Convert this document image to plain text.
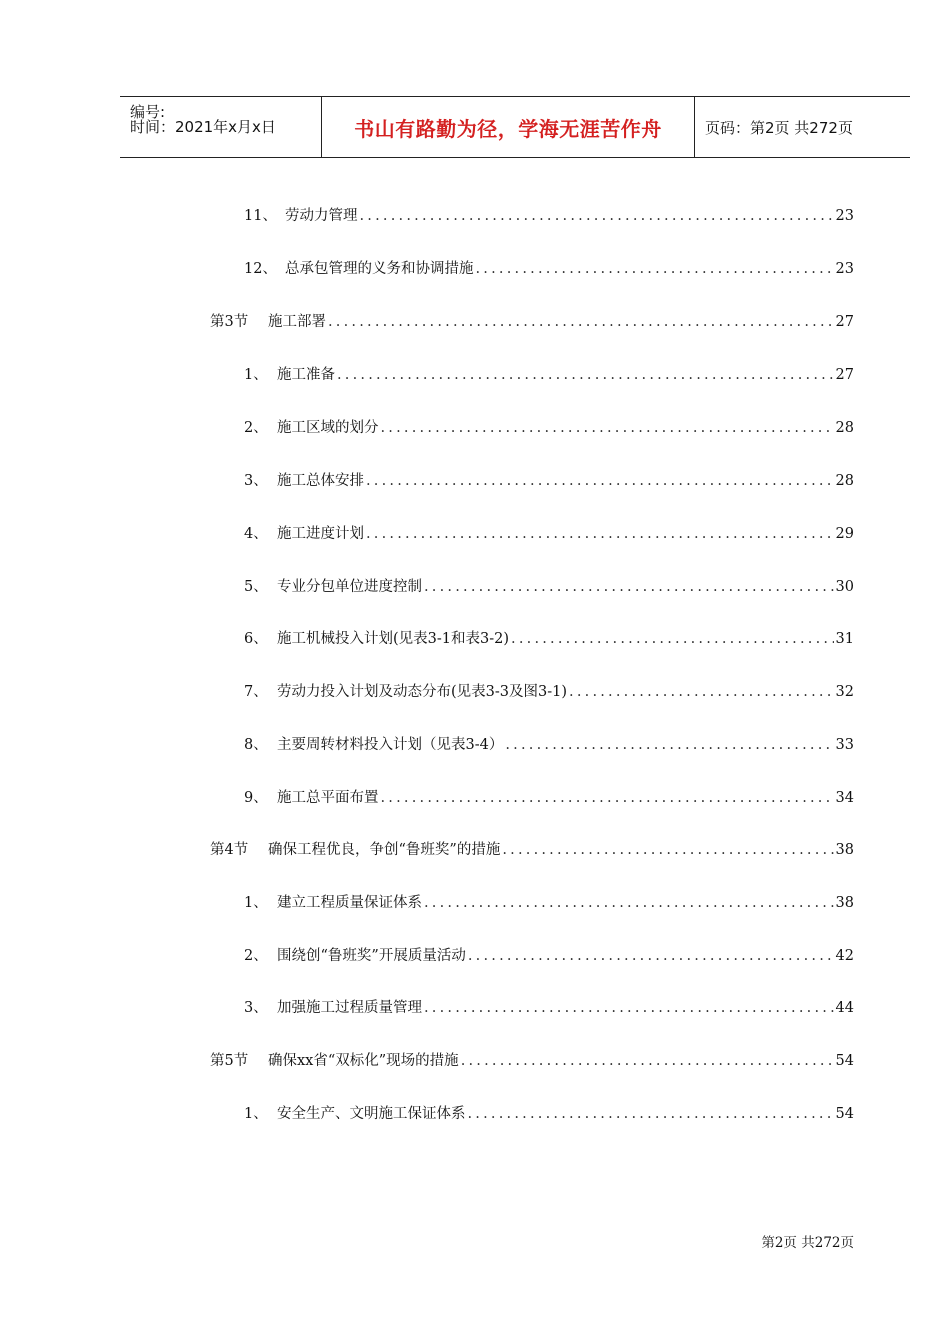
编号:
时间：2021年x月x日	书山有路勤为径，学海无涯苦作舟	页码：第2页 共272页
11、 劳动力管理 .....	23
12、 总承包管理的义务和协调措施 .....	23
第3节	施工部署 .....	27
1、 施工准备 .....	27
2、 施工区域的划分 .....	28
3、 施工总体安排 .....	28
4、 施工进度计划 .....	29
5、 专业分包单位进度控制 .....	30
6、 施工机械投入计划(见表3-1和表3-2) .....	31
7、 劳动力投入计划及动态分布(见表3-3及图3-1) .....	32
8、 主要周转材料投入计划（见表3-4） .....	33
9、 施工总平面布置 .....	34
第4节	确保工程优良，争创“鲁班奖”的措施 .....	38
1、 建立工程质量保证体系 .....	38
2、 围绕创“鲁班奖”开展质量活动 .....	42
3、 加强施工过程质量管理 .....	44
第5节	确保xx省“双标化”现场的措施 .....	54
1、 安全生产、文明施工保证体系 .....	54
第2页 共272页
